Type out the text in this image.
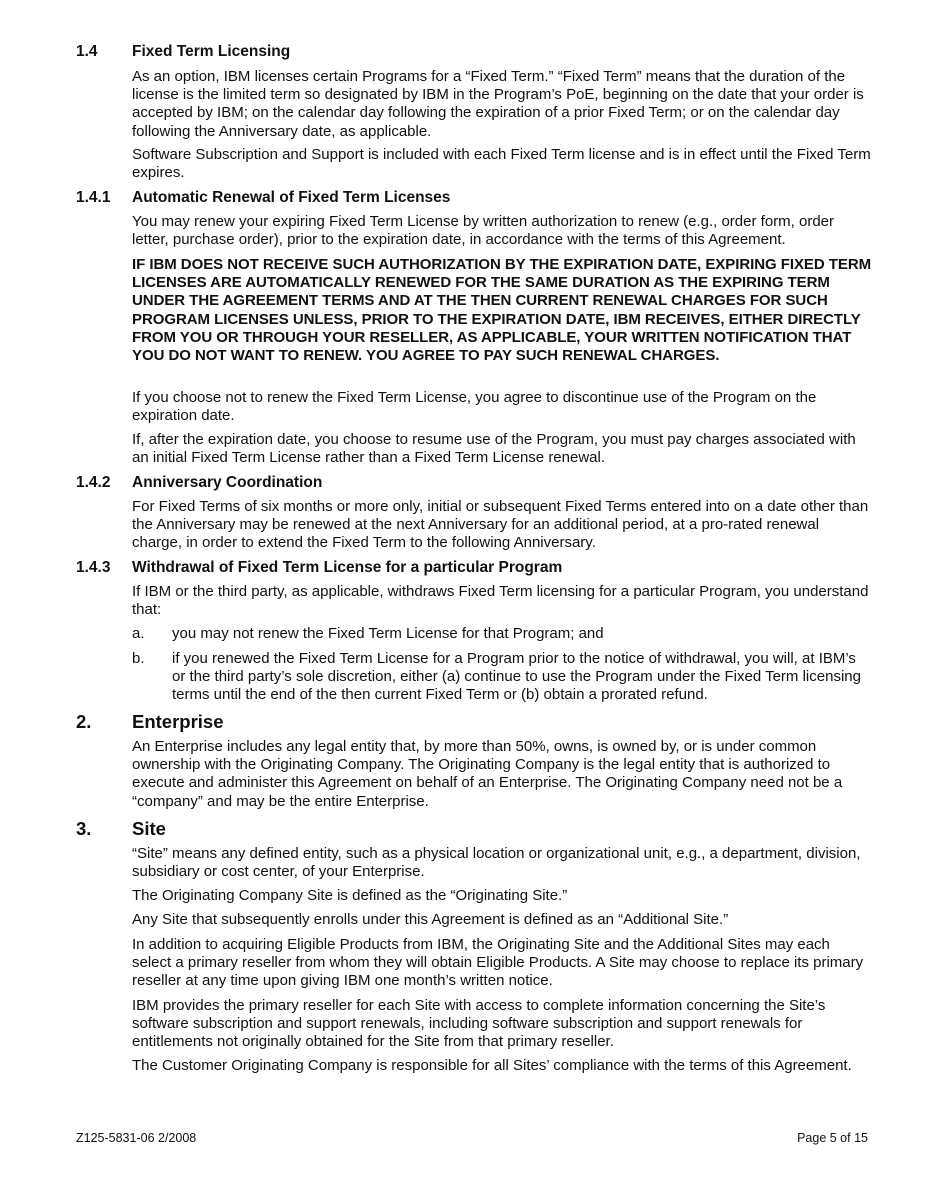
1.4 Fixed Term Licensing

As an option, IBM licenses certain Programs for a “Fixed Term.” “Fixed Term” means that the duration of the license is the limited term so designated by IBM in the Program’s PoE, beginning on the date that your order is accepted by IBM; on the calendar day following the expiration of a prior Fixed Term; or on the calendar day following the Anniversary date, as applicable.

Software Subscription and Support is included with each Fixed Term license and is in effect until the Fixed Term expires.

1.4.1 Automatic Renewal of Fixed Term Licenses

You may renew your expiring Fixed Term License by written authorization to renew (e.g., order form, order letter, purchase order), prior to the expiration date, in accordance with the terms of this Agreement.

IF IBM DOES NOT RECEIVE SUCH AUTHORIZATION BY THE EXPIRATION DATE, EXPIRING FIXED TERM LICENSES ARE AUTOMATICALLY RENEWED FOR THE SAME DURATION AS THE EXPIRING TERM UNDER THE AGREEMENT TERMS AND AT THE THEN CURRENT RENEWAL CHARGES FOR SUCH PROGRAM LICENSES UNLESS, PRIOR TO THE EXPIRATION DATE, IBM RECEIVES, EITHER DIRECTLY FROM YOU OR THROUGH YOUR RESELLER, AS APPLICABLE, YOUR WRITTEN NOTIFICATION THAT YOU DO NOT WANT TO RENEW. YOU AGREE TO PAY SUCH RENEWAL CHARGES.

If you choose not to renew the Fixed Term License, you agree to discontinue use of the Program on the expiration date.

If, after the expiration date, you choose to resume use of the Program, you must pay charges associated with an initial Fixed Term License rather than a Fixed Term License renewal.

1.4.2 Anniversary Coordination

For Fixed Terms of six months or more only, initial or subsequent Fixed Terms entered into on a date other than the Anniversary may be renewed at the next Anniversary for an additional period, at a pro-rated renewal charge, in order to extend the Fixed Term to the following Anniversary.

1.4.3 Withdrawal of Fixed Term License for a particular Program

If IBM or the third party, as applicable, withdraws Fixed Term licensing for a particular Program, you understand that:

a. you may not renew the Fixed Term License for that Program; and
b. if you renewed the Fixed Term License for a Program prior to the notice of withdrawal, you will, at IBM’s or the third party’s sole discretion, either (a) continue to use the Program under the Fixed Term licensing terms until the end of the then current Fixed Term or (b) obtain a prorated refund.
2. Enterprise

An Enterprise includes any legal entity that, by more than 50%, owns, is owned by, or is under common ownership with the Originating Company. The Originating Company is the legal entity that is authorized to execute and administer this Agreement on behalf of an Enterprise. The Originating Company need not be a “company” and may be the entire Enterprise.

3. Site

“Site” means any defined entity, such as a physical location or organizational unit, e.g., a department, division, subsidiary or cost center, of your Enterprise.

The Originating Company Site is defined as the “Originating Site.”

Any Site that subsequently enrolls under this Agreement is defined as an “Additional Site.”

In addition to acquiring Eligible Products from IBM, the Originating Site and the Additional Sites may each select a primary reseller from whom they will obtain Eligible Products. A Site may choose to replace its primary reseller at any time upon giving IBM one month’s written notice.

IBM provides the primary reseller for each Site with access to complete information concerning the Site’s software subscription and support renewals, including software subscription and support renewals for entitlements not originally obtained for the Site from that primary reseller.

The Customer Originating Company is responsible for all Sites’ compliance with the terms of this Agreement.

Z125-5831-06 2/2008	Page 5 of 15
